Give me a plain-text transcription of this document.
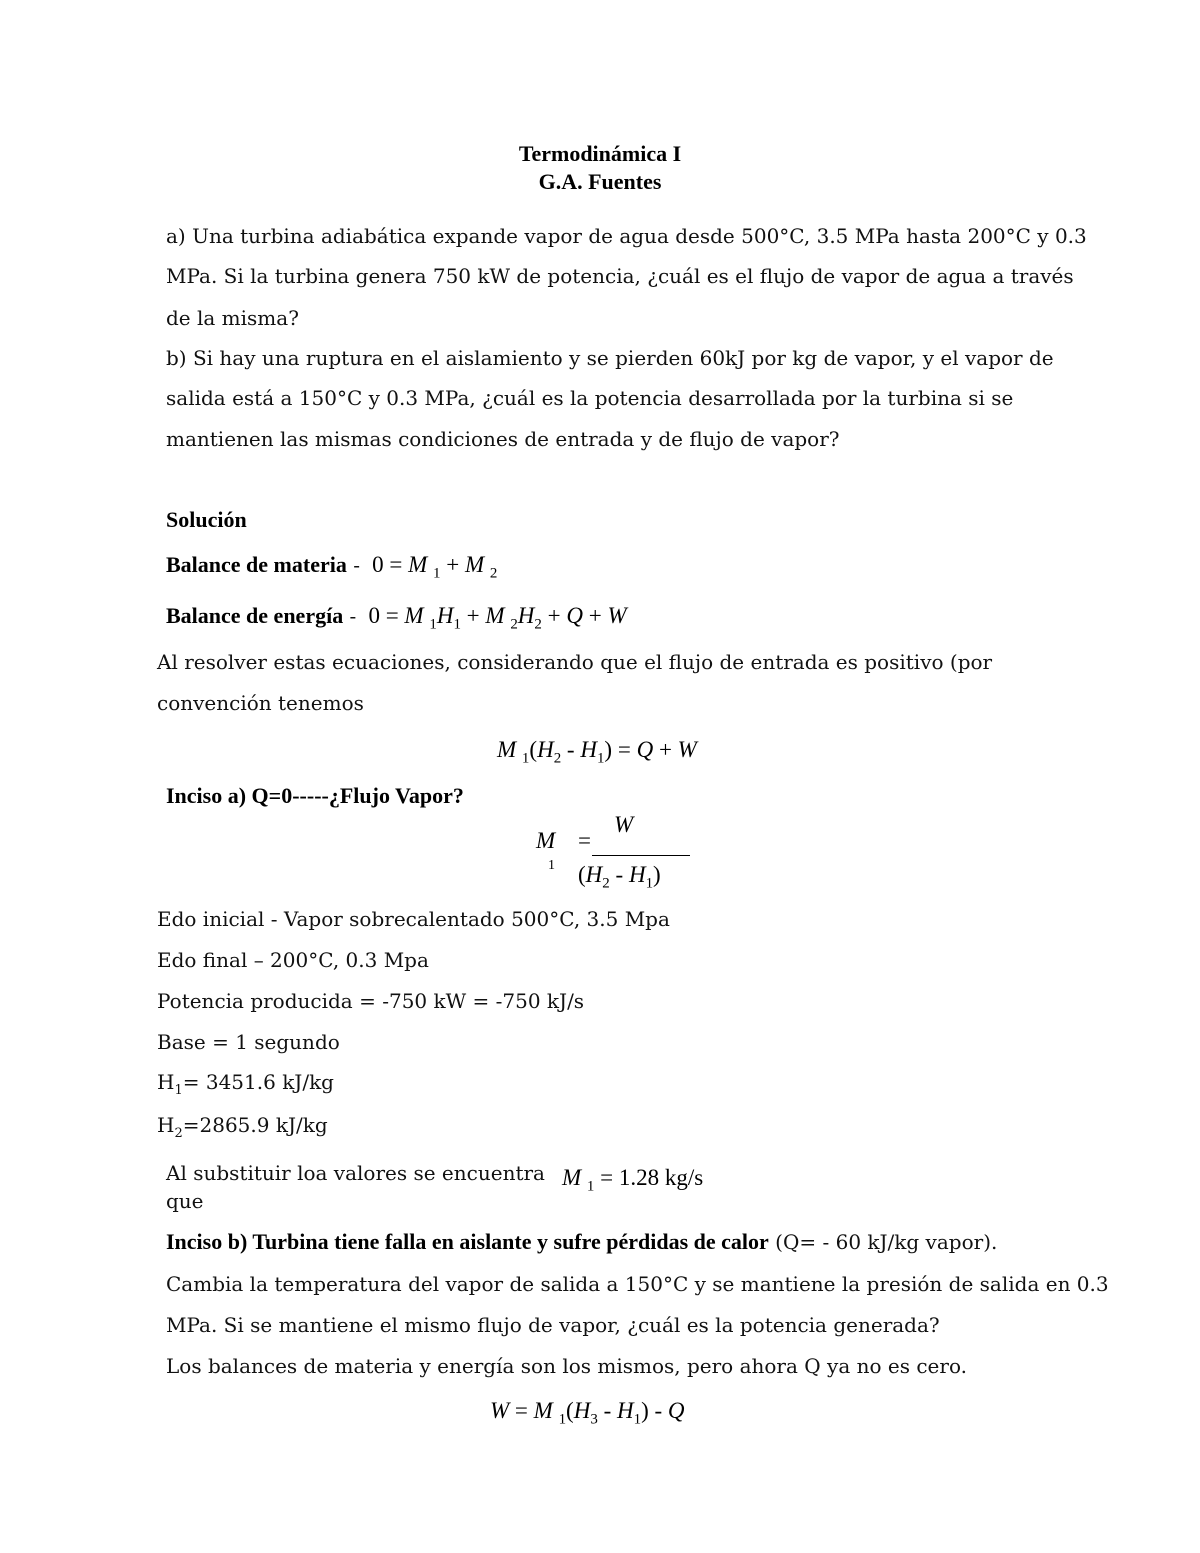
Termodinámica I
G.A. Fuentes
a) Una turbina adiabática expande vapor de agua desde 500°C, 3.5 MPa hasta 200°C y 0.3
MPa. Si la turbina genera 750 kW de potencia, ¿cuál es el flujo de vapor de agua a través
de la misma?
b) Si hay una ruptura en el aislamiento y se pierden 60kJ por kg de vapor, y el vapor de
salida está a 150°C y 0.3 MPa, ¿cuál es la potencia desarrollada por la turbina si se
mantienen las mismas condiciones de entrada y de flujo de vapor?
Solución
Balance de materia -  0 = M $_1$ + M $_2$
Balance de energía -  0 = M $_1H_1 + M$ $_2H_2 + Q + W$
Al resolver estas ecuaciones, considerando que el flujo de entrada es positivo (por
convención tenemos
M $_1(H_2 - H_1) = Q + W$
Inciso a) Q=0-----¿Flujo Vapor?
M
1
=
W
$(H_2 - H_1)$
Edo inicial - Vapor sobrecalentado 500°C, 3.5 Mpa
Edo final – 200°C, 0.3 Mpa
Potencia producida = -750 kW = -750 kJ/s
Base = 1 segundo
$H_1= 3451.6$ kJ/kg
$H_2=2865.9$ kJ/kg
Al substituir loa valores se encuentra
que
M $_1$ = 1.28 kg/s
Inciso b) Turbina tiene falla en aislante y sufre pérdidas de calor (Q= - 60 kJ/kg vapor).
Cambia la temperatura del vapor de salida a 150°C y se mantiene la presión de salida en 0.3
MPa. Si se mantiene el mismo flujo de vapor, ¿cuál es la potencia generada?
Los balances de materia y energía son los mismos, pero ahora Q ya no es cero.
W = M $_1(H_3 - H_1)$ - Q
